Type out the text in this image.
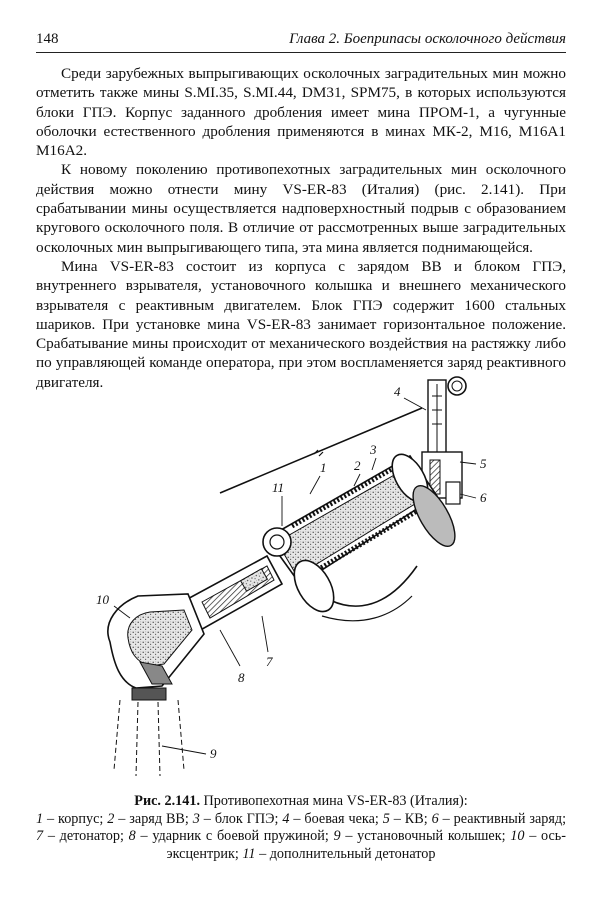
148	Глава 2. Боеприпасы осколочного действия

Среди зарубежных выпрыгивающих осколочных заградительных мин можно отметить также мины S.MI.35, S.MI.44, DM31, SPM75, в которых используются блоки ГПЭ. Корпус заданного дробления имеет мина ПРОМ-1, а чугунные оболочки естественного дробления применяются в минах МК-2, M16, M16A1 M16A2.

К новому поколению противопехотных заградительных мин осколочного действия можно отнести мину VS-ER-83 (Италия) (рис. 2.141). При срабатывании мины осуществляется надповерхностный подрыв с образованием кругового осколочного поля. В отличие от рассмотренных выше заградительных осколочных мин выпрыгивающего типа, эта мина является поднимающейся.

Мина VS-ER-83 состоит из корпуса с зарядом ВВ и блоком ГПЭ, внутреннего взрывателя, установочного колышка и внешнего механического взрывателя с реактивным двигателем. Блок ГПЭ содержит 1600 стальных шариков. При установке мина VS-ER-83 занимает горизонтальное положение. Срабатывание мины происходит от механического воздействия на растяжку либо по управляющей команде оператора, при этом воспламеняется заряд реактивного двигателя.

1 2
3
4
5
6
7
8
9
10
11
Рис. 2.141. Противопехотная мина VS-ER-83 (Италия):
1 – корпус; 2 – заряд ВВ; 3 – блок ГПЭ; 4 – боевая чека; 5 – КВ; 6 – реактивный заряд; 7 – детонатор; 8 – ударник с боевой пружиной; 9 – установочный колышек; 10 – ось-эксцентрик; 11 – дополнительный детонатор
